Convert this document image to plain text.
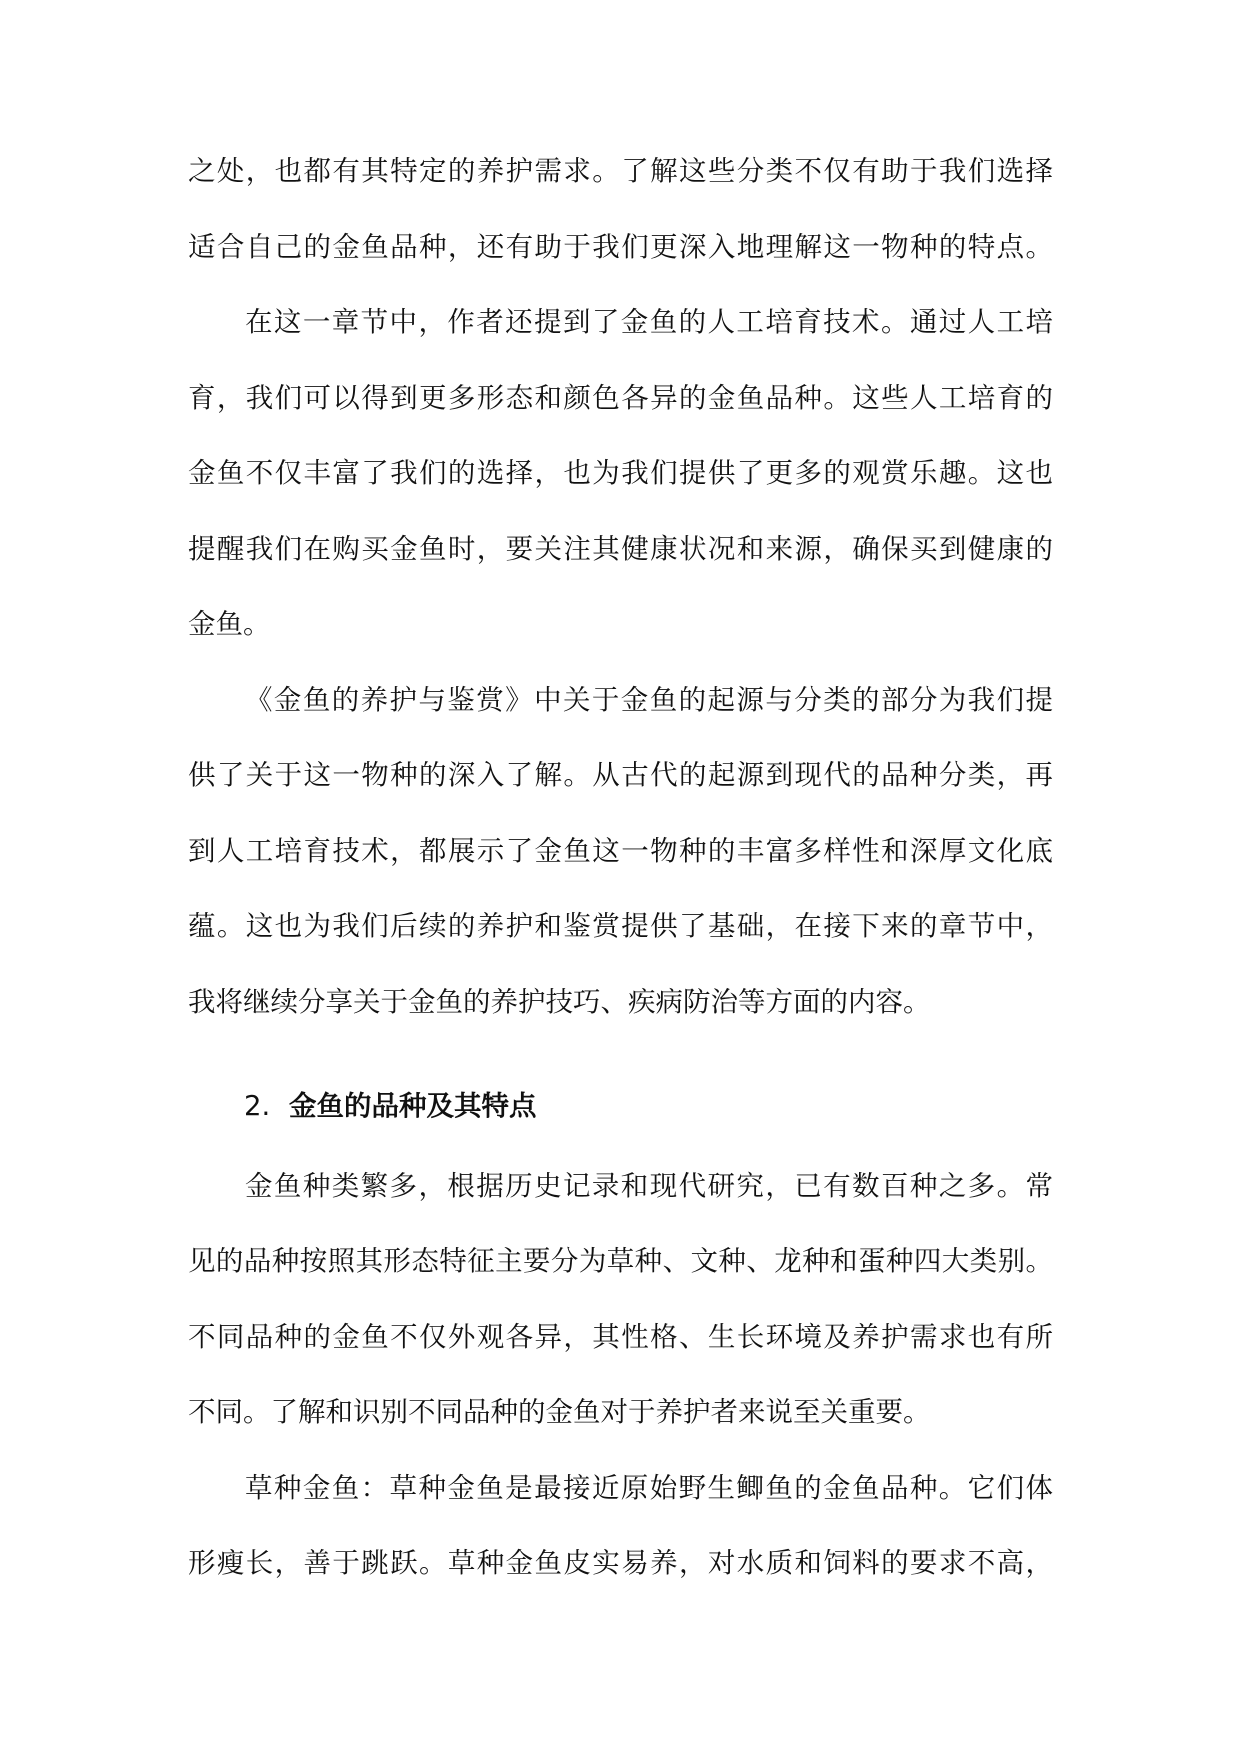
之处，也都有其特定的养护需求。了解这些分类不仅有助于我们选择
适合自己的金鱼品种，还有助于我们更深入地理解这一物种的特点。
在这一章节中，作者还提到了金鱼的人工培育技术。通过人工培
育，我们可以得到更多形态和颜色各异的金鱼品种。这些人工培育的
金鱼不仅丰富了我们的选择，也为我们提供了更多的观赏乐趣。这也
提醒我们在购买金鱼时，要关注其健康状况和来源，确保买到健康的
金鱼。
《金鱼的养护与鉴赏》中关于金鱼的起源与分类的部分为我们提
供了关于这一物种的深入了解。从古代的起源到现代的品种分类，再
到人工培育技术，都展示了金鱼这一物种的丰富多样性和深厚文化底
蕴。这也为我们后续的养护和鉴赏提供了基础，在接下来的章节中，
我将继续分享关于金鱼的养护技巧、疾病防治等方面的内容。
2. 金鱼的品种及其特点
金鱼种类繁多，根据历史记录和现代研究，已有数百种之多。常
见的品种按照其形态特征主要分为草种、文种、龙种和蛋种四大类别。
不同品种的金鱼不仅外观各异，其性格、生长环境及养护需求也有所
不同。了解和识别不同品种的金鱼对于养护者来说至关重要。
草种金鱼：草种金鱼是最接近原始野生鲫鱼的金鱼品种。它们体
形瘦长，善于跳跃。草种金鱼皮实易养，对水质和饲料的要求不高，
